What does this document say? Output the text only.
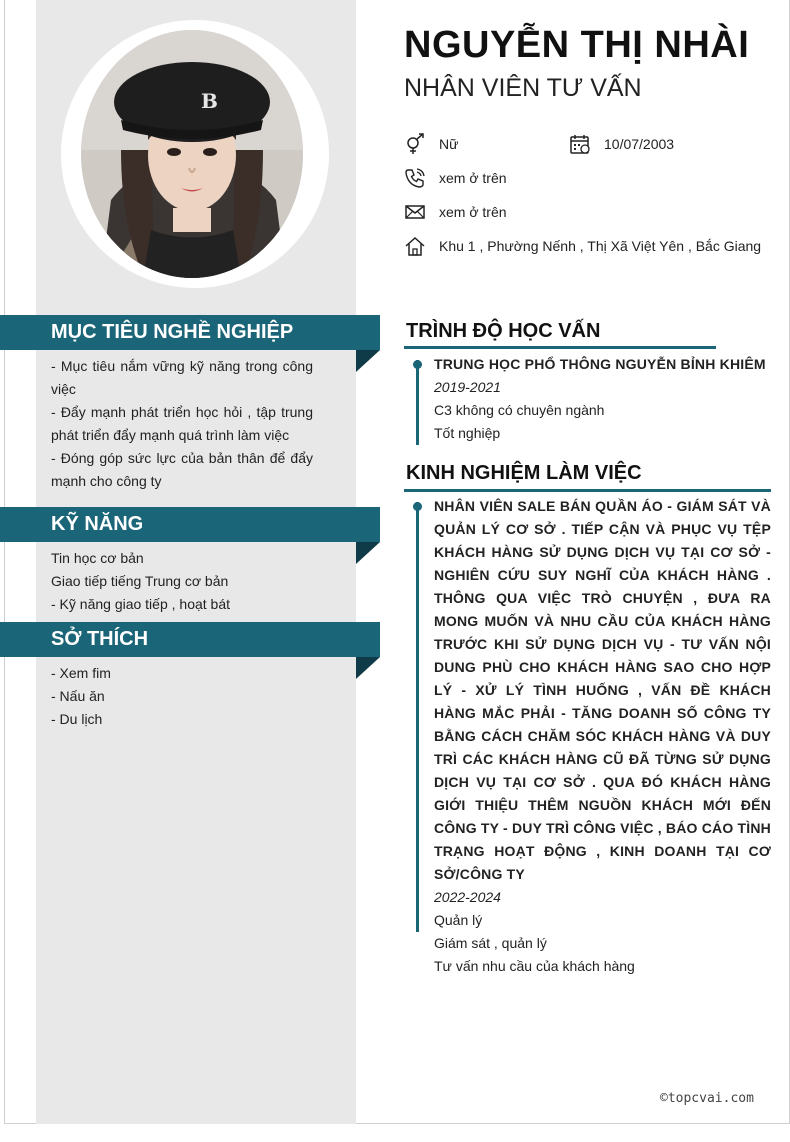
B
NGUYỄN THỊ NHÀI
NHÂN VIÊN TƯ VẤN
Nữ	10/07/2003
xem ở trên
xem ở trên
Khu 1 , Phường Nếnh , Thị Xã Việt Yên , Bắc Giang
MỤC TIÊU NGHỀ NGHIỆP

- Mục tiêu nắm vững kỹ năng trong công việc

- Đẩy mạnh phát triển học hỏi , tập trung phát triển đẩy mạnh quá trình làm việc

- Đóng góp sức lực của bản thân để đẩy mạnh cho công ty

KỸ NĂNG

Tin học cơ bản

Giao tiếp tiếng Trung cơ bản

- Kỹ năng giao tiếp , hoạt bát

SỞ THÍCH

- Xem fim

- Nấu ăn

- Du lịch

TRÌNH ĐỘ HỌC VẤN
TRUNG HỌC PHỔ THÔNG NGUYỄN BỈNH KHIÊM
2019-2021
C3 không có chuyên ngành
Tốt nghiệp
KINH NGHIỆM LÀM VIỆC
NHÂN VIÊN SALE BÁN QUẦN ÁO - GIÁM SÁT VÀ QUẢN LÝ CƠ SỞ . TIẾP CẬN VÀ PHỤC VỤ TỆP KHÁCH HÀNG SỬ DỤNG DỊCH VỤ TẠI CƠ SỞ - NGHIÊN CỨU SUY NGHĨ CỦA KHÁCH HÀNG . THÔNG QUA VIỆC TRÒ CHUYỆN , ĐƯA RA MONG MUỐN VÀ NHU CẦU CỦA KHÁCH HÀNG TRƯỚC KHI SỬ DỤNG DỊCH VỤ - TƯ VẤN NỘI DUNG PHÙ CHO KHÁCH HÀNG SAO CHO HỢP LÝ - XỬ LÝ TÌNH HUỐNG , VẤN ĐỀ KHÁCH HÀNG MẮC PHẢI - TĂNG DOANH SỐ CÔNG TY BẰNG CÁCH CHĂM SÓC KHÁCH HÀNG VÀ DUY TRÌ CÁC KHÁCH HÀNG CŨ ĐÃ TỪNG SỬ DỤNG DỊCH VỤ TẠI CƠ SỞ . QUA ĐÓ KHÁCH HÀNG GIỚI THIỆU THÊM NGUỒN KHÁCH MỚI ĐẾN CÔNG TY - DUY TRÌ CÔNG VIỆC , BÁO CÁO TÌNH TRẠNG HOẠT ĐỘNG , KINH DOANH TẠI CƠ SỞ/CÔNG TY
2022-2024
Quản lý
Giám sát , quản lý
Tư vấn nhu cầu của khách hàng
©topcvai.com
